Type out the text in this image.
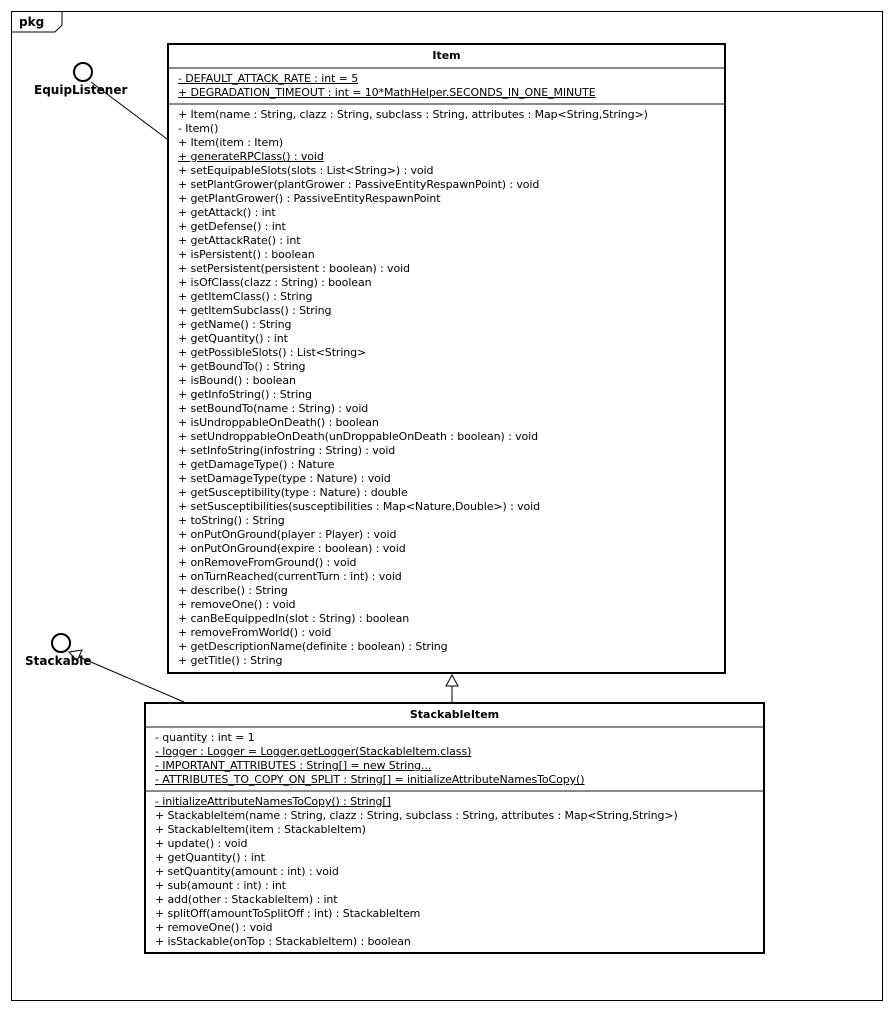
pkg
EquipListener
Stackable
Item
- DEFAULT_ATTACK_RATE : int = 5
+ DEGRADATION_TIMEOUT : int = 10*MathHelper.SECONDS_IN_ONE_MINUTE
+ Item(name : String, clazz : String, subclass : String, attributes : Map<String,String>)
- Item()
+ Item(item : Item)
+ generateRPClass() : void
+ setEquipableSlots(slots : List<String>) : void
+ setPlantGrower(plantGrower : PassiveEntityRespawnPoint) : void
+ getPlantGrower() : PassiveEntityRespawnPoint
+ getAttack() : int
+ getDefense() : int
+ getAttackRate() : int
+ isPersistent() : boolean
+ setPersistent(persistent : boolean) : void
+ isOfClass(clazz : String) : boolean
+ getItemClass() : String
+ getItemSubclass() : String
+ getName() : String
+ getQuantity() : int
+ getPossibleSlots() : List<String>
+ getBoundTo() : String
+ isBound() : boolean
+ getInfoString() : String
+ setBoundTo(name : String) : void
+ isUndroppableOnDeath() : boolean
+ setUndroppableOnDeath(unDroppableOnDeath : boolean) : void
+ setInfoString(infostring : String) : void
+ getDamageType() : Nature
+ setDamageType(type : Nature) : void
+ getSusceptibility(type : Nature) : double
+ setSusceptibilities(susceptibilities : Map<Nature,Double>) : void
+ toString() : String
+ onPutOnGround(player : Player) : void
+ onPutOnGround(expire : boolean) : void
+ onRemoveFromGround() : void
+ onTurnReached(currentTurn : int) : void
+ describe() : String
+ removeOne() : void
+ canBeEquippedIn(slot : String) : boolean
+ removeFromWorld() : void
+ getDescriptionName(definite : boolean) : String
+ getTitle() : String
StackableItem
- quantity : int = 1
- logger : Logger = Logger.getLogger(StackableItem.class)
- IMPORTANT_ATTRIBUTES : String[] = new String...
- ATTRIBUTES_TO_COPY_ON_SPLIT : String[] = initializeAttributeNamesToCopy()
- initializeAttributeNamesToCopy() : String[]
+ StackableItem(name : String, clazz : String, subclass : String, attributes : Map<String,String>)
+ StackableItem(item : StackableItem)
+ update() : void
+ getQuantity() : int
+ setQuantity(amount : int) : void
+ sub(amount : int) : int
+ add(other : StackableItem) : int
+ splitOff(amountToSplitOff : int) : StackableItem
+ removeOne() : void
+ isStackable(onTop : StackableItem) : boolean
